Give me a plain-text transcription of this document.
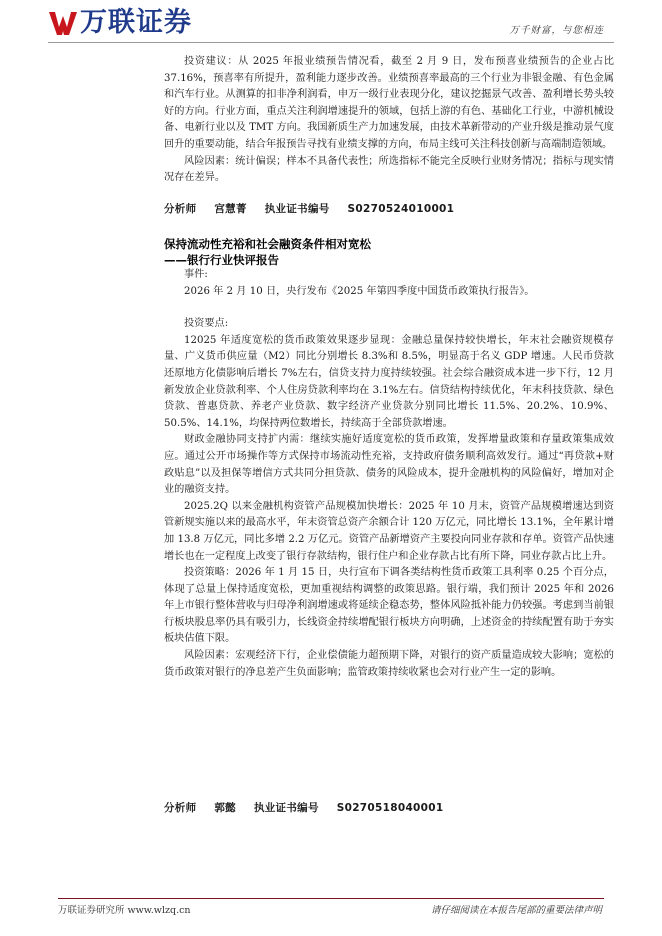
万联证券	万千财富，与您相连

投资建议：从 2025 年报业绩预告情况看，截至 2 月 9 日，发布预喜业绩预告的企业占比 37.16%，预喜率有所提升，盈利能力逐步改善。业绩预喜率最高的三个行业为非银金融、有色金属和汽车行业。从测算的扣非净利润看，申万一级行业表现分化，建议挖掘景气改善、盈利增长势头较好的方向。行业方面，重点关注利润增速提升的领域，包括上游的有色、基础化工行业，中游机械设备、电新行业以及 TMT 方向。我国新质生产力加速发展，由技术革新带动的产业升级是推动景气度回升的重要动能，结合年报预告寻找有业绩支撑的方向，布局主线可关注科技创新与高端制造领域。

风险因素：统计偏误；样本不具备代表性；所选指标不能完全反映行业财务情况；指标与现实情况存在差异。

分析师 宫慧菁 执业证书编号 S0270524010001
保持流动性充裕和社会融资条件相对宽松
——银行行业快评报告

事件:

2026 年 2 月 10 日，央行发布《2025 年第四季度中国货币政策执行报告》。

投资要点:

12025 年适度宽松的货币政策效果逐步显现：金融总量保持较快增长，年末社会融资规模存量、广义货币供应量（M2）同比分别增长 8.3%和 8.5%，明显高于名义 GDP 增速。人民币贷款还原地方化债影响后增长 7%左右，信贷支持力度持续较强。社会综合融资成本进一步下行，12 月新发放企业贷款利率、个人住房贷款利率均在 3.1%左右。信贷结构持续优化，年末科技贷款、绿色贷款、普惠贷款、养老产业贷款、数字经济产业贷款分别同比增长 11.5%、20.2%、10.9%、50.5%、14.1%，均保持两位数增长，持续高于全部贷款增速。

财政金融协同支持扩内需：继续实施好适度宽松的货币政策，发挥增量政策和存量政策集成效应。通过公开市场操作等方式保持市场流动性充裕，支持政府债务顺利高效发行。通过“再贷款+财政贴息”以及担保等增信方式共同分担贷款、债务的风险成本，提升金融机构的风险偏好，增加对企业的融资支持。

2025.2Q 以来金融机构资管产品规模加快增长：2025 年 10 月末，资管产品规模增速达到资管新规实施以来的最高水平，年末资管总资产余额合计 120 万亿元，同比增长 13.1%，全年累计增加 13.8 万亿元，同比多增 2.2 万亿元。资管产品新增资产主要投向同业存款和存单。资管产品快速增长也在一定程度上改变了银行存款结构，银行住户和企业存款占比有所下降，同业存款占比上升。

投资策略：2026 年 1 月 15 日，央行宣布下调各类结构性货币政策工具利率 0.25 个百分点，体现了总量上保持适度宽松，更加重视结构调整的政策思路。银行端，我们预计 2025 年和 2026 年上市银行整体营收与归母净利润增速或将延续企稳态势，整体风险抵补能力仍较强。考虑到当前银行板块股息率仍具有吸引力，长线资金持续增配银行板块方向明确，上述资金的持续配置有助于夯实板块估值下限。

风险因素：宏观经济下行，企业偿债能力超预期下降，对银行的资产质量造成较大影响；宽松的货币政策对银行的净息差产生负面影响；监管政策持续收紧也会对行业产生一定的影响。

分析师 郭懿 执业证书编号 S0270518040001
万联证券研究所 www.wlzq.cn	请仔细阅读在本报告尾部的重要法律声明
